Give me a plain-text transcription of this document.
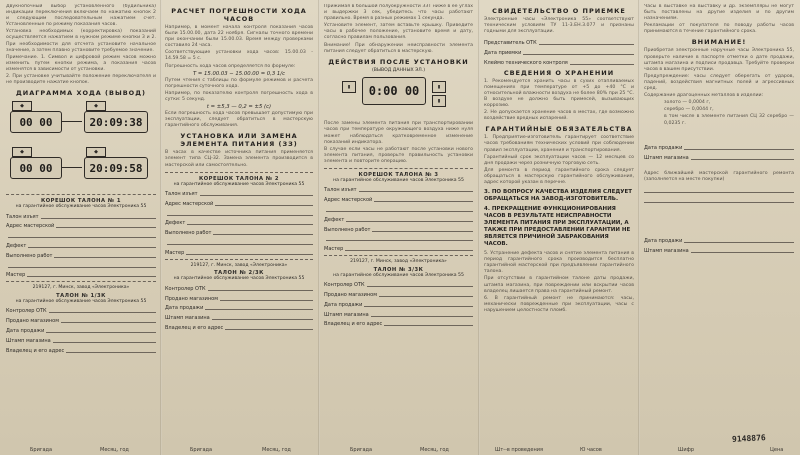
Двукнопочный выбор установленного (будильника) индикации переключения включаем по нажатию кнопок 2 и следующим последовательным нажатием счет. Установленные по режиму показания часов.
Установка необходимых (корректировка) показаний осуществляется нажатием в нужном режиме кнопки 3 и 2. При необходимости для отсчета установите начальное значение, а затем плавно установите требуемое значение.
Примечание. 1. Символ и цифровой режим часов можно изменить путем кнопки режима, а показания часов изменятся в зависимости от установки.
2. При установке учитывайте положение переключателя и не производите нажатие кнопок.
ДИАГРАММА ХОДА (ВЫВОД)
◆
00 00
◆
20:09:38
◆
00 00
◆
20:09:58
КОРЕШОК ТАЛОНА № 1
на гарантийное обслуживание часов Электроника 55
Талон изъят
Адрес мастерской
Дефект
Выполнено работ
Мастер
219127, г. Минск, завод «Электроника»
ТАЛОН № 1/3К
на гарантийное обслуживание часов Электроника 55
Контролер ОТК
Продано магазином
Дата продажи
Штамп магазина
Владелец и его адрес
Бригада	Месяц, год
РАСЧЕТ ПОГРЕШНОСТИ ХОДА ЧАСОВ
Например, в момент начала контроля показания часов были 15.00.00, дата 22 ноября. Сигналы точного времени при окончании были 15.00.03. Время между проверками составило 24 часа.
Соответствующие установки хода часов: 15.00.03 - 14.59.58 = 5 с.
Погрешность хода часов определяется по формуле:
Т = 15.00.03 − 15.00.00 = 0,3 1/с
Путем чтения с таблицы по формуле режимов и расчета погрешности суточного хода.
Например, по показателю контроля погрешность хода в сутки: 5 секунд.
t = ±5,3 — 0,2 = ±5 (с)
Если погрешность хода часов превышает допустимую при эксплуатации, следует обратиться в мастерскую гарантийного обслуживания.
УСТАНОВКА ИЛИ ЗАМЕНА ЭЛЕМЕНТА ПИТАНИЯ (ЗЗ)
В часах в качестве источника питания применяется элемент типа СЦ-32. Замена элемента производится в мастерской или самостоятельно.
КОРЕШОК ТАЛОНА № 2
на гарантийное обслуживание часов Электроника 55
Талон изъят
Адрес мастерской
Дефект
Выполнено работ
Мастер
219127, г. Минск, завод «Электроника»
ТАЛОН № 2/3К
на гарантийное обслуживание часов Электроника 55
Контролер ОТК
Продано магазином
Дата продажи
Штамп магазина
Владелец и его адрес
Бригада	Месяц, год
Прижимая в большой полуокружности ЗЗТ ниже в ее углах и выдержки 3 сек, убедитесь что часы работают правильно. Время в разных режимах 1 секунда.
Установите элемент, затем вставьте крышку. Приведите часы в рабочее положение, установите время и дату, согласно правилам пользования.
Внимание! При обнаружении неисправности элемента питания следует обратиться в мастерскую.
ДЕЙСТВИЯ ПОСЛЕ УСТАНОВКИ
(ВЫВОД ДАННЫХ ЭЛ.)
▮	0:00 00	▮
▮
После замены элемента питания при транспортировании часов при температуре окружающего воздуха ниже нуля может наблюдаться кратковременное изменение показаний индикатора.
В случае если часы не работают после установки нового элемента питания, проверьте правильность установки элемента и повторите операцию.
КОРЕШОК ТАЛОНА № 3
на гарантийное обслуживание часов Электроника 55
Талон изъят
Адрес мастерской
Дефект
Выполнено работ
Мастер
219127, г. Минск, завод «Электроника»
ТАЛОН № 3/3К
на гарантийное обслуживание часов Электроника 55
Контролер ОТК
Продано магазином
Дата продажи
Штамп магазина
Владелец и его адрес
Бригада	Месяц, год
СВИДЕТЕЛЬСТВО О ПРИЕМКЕ
Электронные часы «Электроника 55» соответствуют техническим условиям ТУ 11-3.ЕН.3.077 и признаны годными для эксплуатации.
Представитель ОТК
Дата приемки
Клеймо технического контроля
СВЕДЕНИЯ О ХРАНЕНИИ
1. Рекомендуется хранить часы в сухих отапливаемых помещениях при температуре от +5 до +40 °С и относительной влажности воздуха не более 80% при 25 °С. В воздухе не должно быть примесей, вызывающих коррозию.
2. Не допускается хранение часов в местах, где возможно воздействие вредных испарений.
ГАРАНТИЙНЫЕ ОБЯЗАТЕЛЬСТВА
1. Предприятие-изготовитель гарантирует соответствие часов требованиям технических условий при соблюдении правил эксплуатации, хранения и транспортирования.
Гарантийный срок эксплуатации часов — 12 месяцев со дня продажи через розничную торговую сеть.
Для ремонта в период гарантийного срока следует обращаться в мастерскую гарантийного обслуживания, адрес которой указан в перечне.
3. ПО ВОПРОСУ КАЧЕСТВА ИЗДЕЛИЯ СЛЕДУЕТ ОБРАЩАТЬСЯ НА ЗАВОД-ИЗГОТОВИТЕЛЬ.
4. ПРЕКРАЩЕНИЕ ФУНКЦИОНИРОВАНИЯ ЧАСОВ В РЕЗУЛЬТАТЕ НЕИСПРАВНОСТИ ЭЛЕМЕНТА ПИТАНИЯ ПРИ ЭКСПЛУАТАЦИИ, А ТАКЖЕ ПРИ ПРЕДОСТАВЛЕНИИ ГАРАНТИИ НЕ ЯВЛЯЕТСЯ ПРИЧИНОЙ ЗАБРАКОВАНИЯ ЧАСОВ.
5. Устранение дефекта часов и снятие элемента питания в период гарантийного срока производится бесплатно гарантийной мастерской при предъявлении гарантийного талона.
При отсутствии в гарантийном талоне даты продажи, штампа магазина, при повреждении или вскрытии часов владелец лишается права на гарантийный ремонт.
6. В гарантийный ремонт не принимаются: часы, механически поврежденные при эксплуатации, часы с нарушением целостности пломб.
Шт--в проведения	Ю часов	Шифр
Часы в выставке на выставку и др. экземпляры не могут быть поставлены на другие изделия и по другим назначениям.
Рекламации от покупателя по поводу работы часов принимаются в течение гарантийного срока.
ВНИМАНИЕ!
Приобретая электронные наручные часы Электроника 55, проверьте наличие в паспорте отметки о дате продажи, штампа магазина и подписи продавца. Требуйте проверки часов в вашем присутствии.
Предупреждение: часы следует оберегать от ударов, падений, воздействия магнитных полей и агрессивных сред.
Содержание драгоценных металлов в изделии:
золото — 0,0004 г,
серебро — 0,0044 г,
в том числе в элементе питания СЦ 32 серебро — 0,0235 г.
Дата продажи
Штамп магазина
Адрес ближайшей мастерской гарантийного ремонта (заполняется на месте покупки)
Дата продажи
Штамп магазина
9148876
Цена
